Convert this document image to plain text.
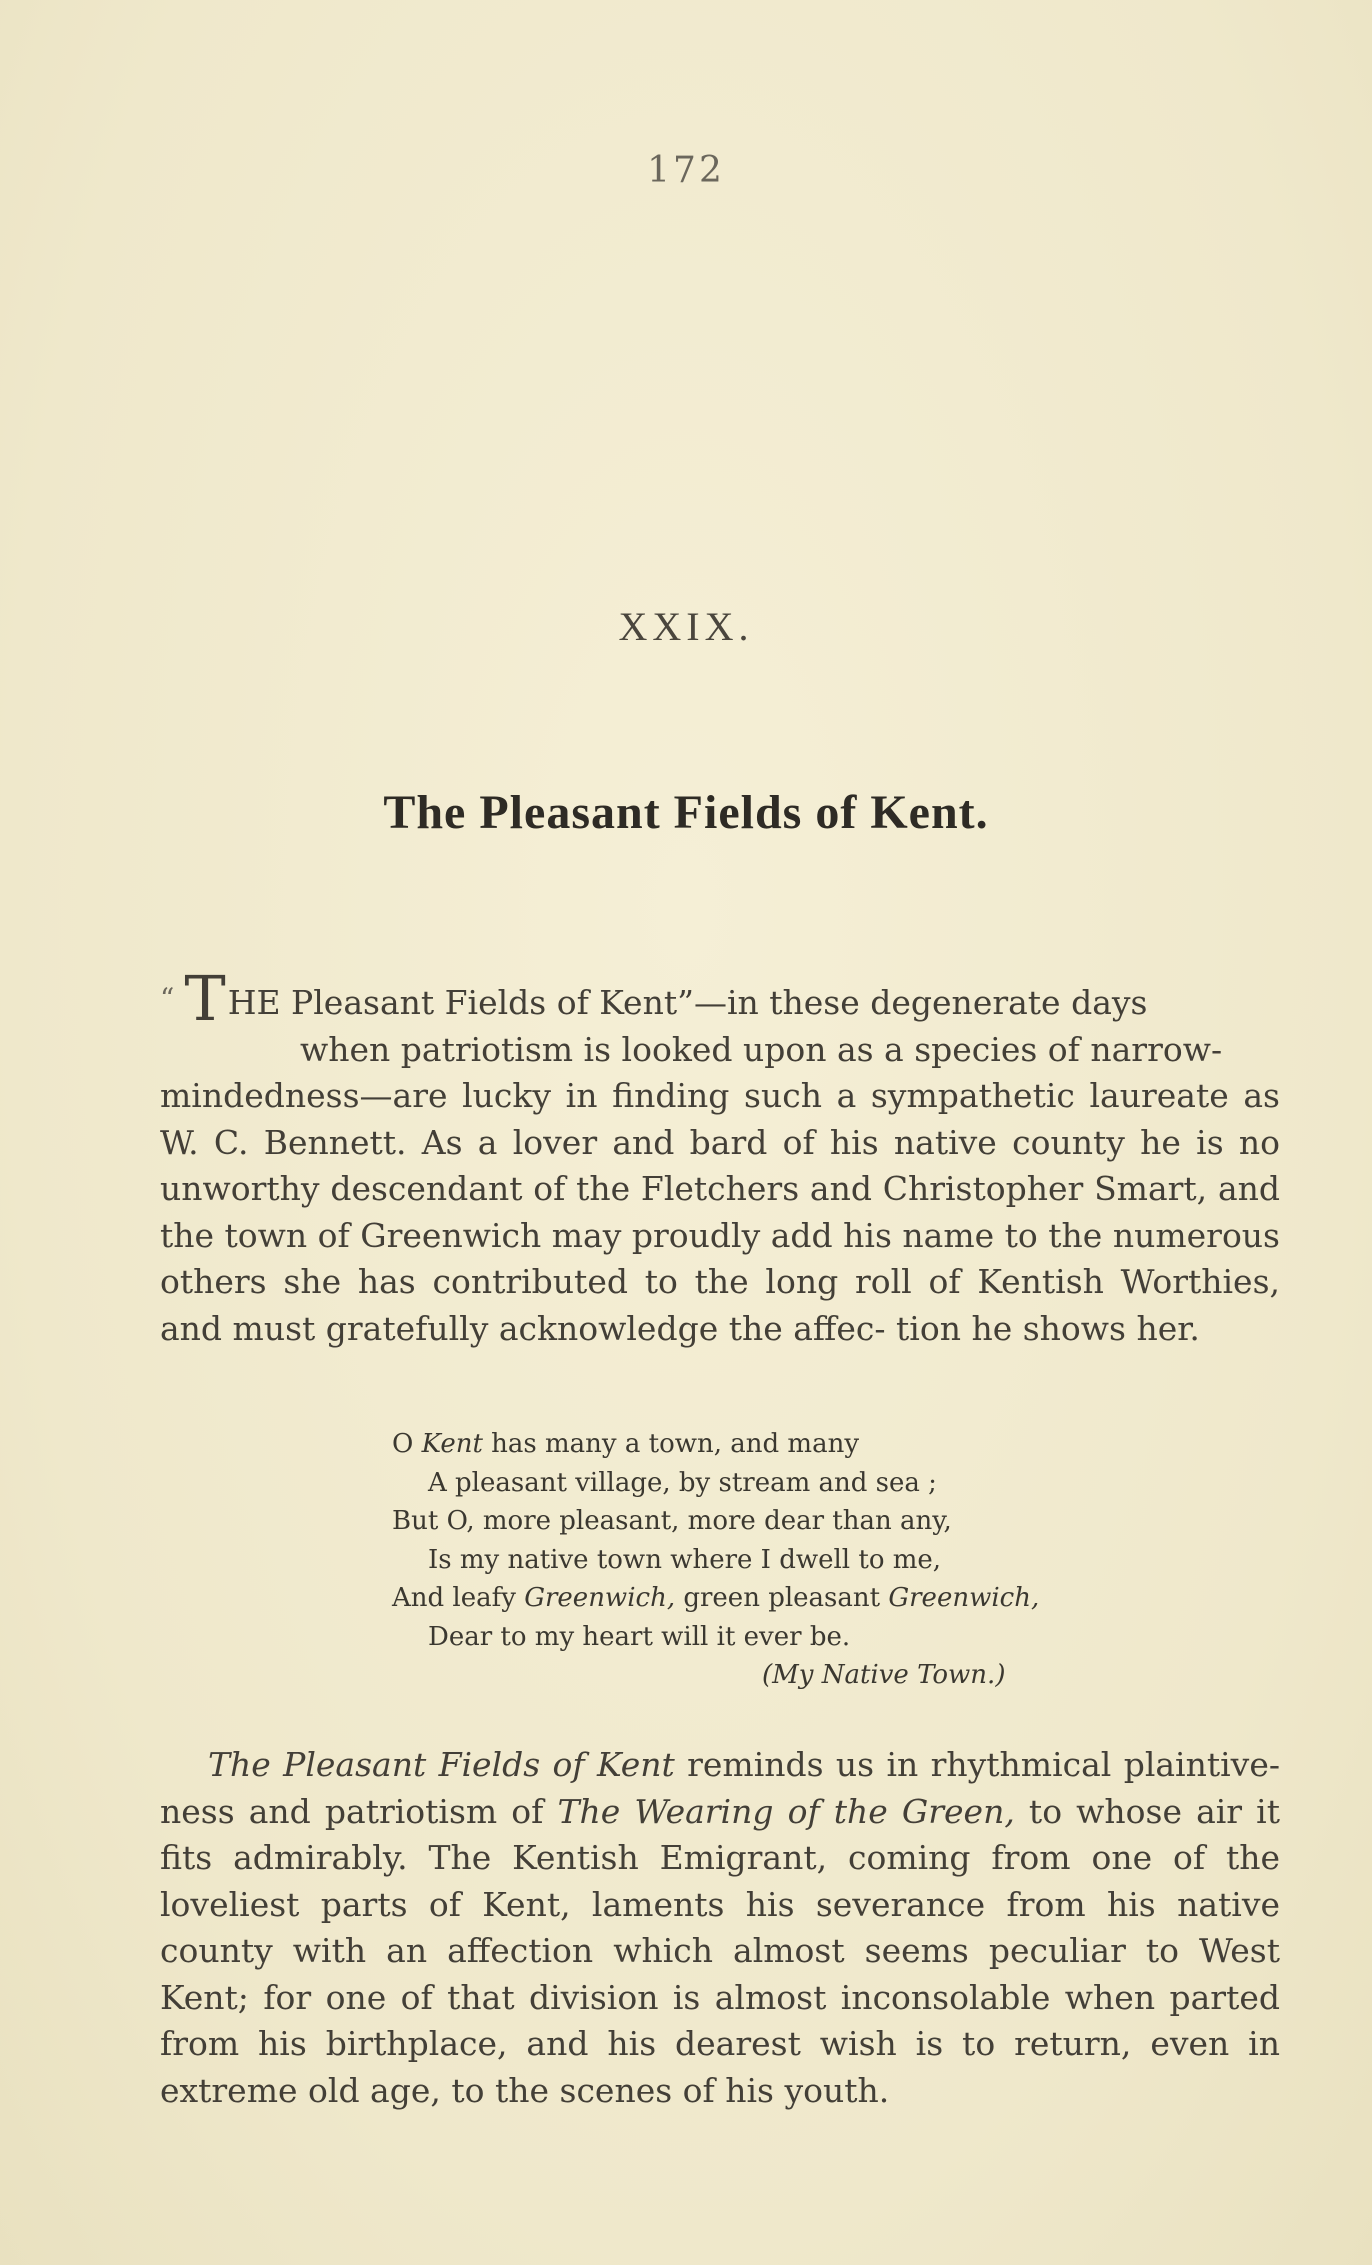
172
XXIX.
The Pleasant Fields of Kent.
“ THE Pleasant Fields of Kent”—in these degenerate days
when patriotism is looked upon as a species of narrow-
mindedness—are lucky in finding such a sympathetic laureate as W. C. Bennett. As a lover and bard of his native county he is no unworthy descendant of the Fletchers and Christopher Smart, and the town of Greenwich may proudly add his name to the numerous others she has contributed to the long roll of Kentish Worthies, and must gratefully acknowledge the affec- tion he shows her.
O Kent has many a town, and many
A pleasant village, by stream and sea ;
But O, more pleasant, more dear than any,
Is my native town where I dwell to me,
And leafy Greenwich, green pleasant Greenwich,
Dear to my heart will it ever be.
(My Native Town.)
The Pleasant Fields of Kent reminds us in rhythmical plaintive- ness and patriotism of The Wearing of the Green, to whose air it fits admirably. The Kentish Emigrant, coming from one of the loveliest parts of Kent, laments his severance from his native county with an affection which almost seems peculiar to West Kent; for one of that division is almost inconsolable when parted from his birthplace, and his dearest wish is to return, even in extreme old age, to the scenes of his youth.
